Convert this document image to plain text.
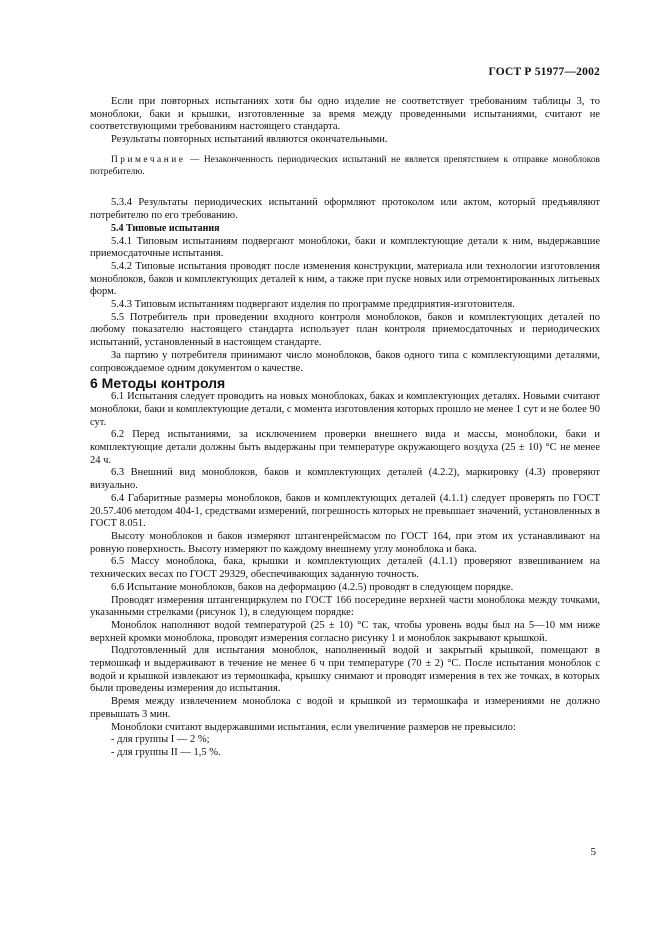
ГОСТ Р 51977—2002

Если при повторных испытаниях хотя бы одно изделие не соответствует требованиям таблицы 3, то моноблоки, баки и крышки, изготовленные за время между проведенными испытаниями, считают не соответствующими требованиям настоящего стандарта.

Результаты повторных испытаний являются окончательными.

Примечание — Незаконченность периодических испытаний не является препятствием к отправке моноблоков потребителю.

5.3.4 Результаты периодических испытаний оформляют протоколом или актом, который предъявляют потребителю по его требованию.

5.4 Типовые испытания

5.4.1 Типовым испытаниям подвергают моноблоки, баки и комплектующие детали к ним, выдержавшие приемосдаточные испытания.

5.4.2 Типовые испытания проводят после изменения конструкции, материала или технологии изготовления моноблоков, баков и комплектующих деталей к ним, а также при пуске новых или отремонтированных литьевых форм.

5.4.3 Типовым испытаниям подвергают изделия по программе предприятия-изготовителя.

5.5 Потребитель при проведении входного контроля моноблоков, баков и комплектующих деталей по любому показателю настоящего стандарта использует план контроля приемосдаточных и периодических испытаний, установленный в настоящем стандарте.

За партию у потребителя принимают число моноблоков, баков одного типа с комплектующими деталями, сопровождаемое одним документом о качестве.

6 Методы контроля

6.1 Испытания следует проводить на новых моноблоках, баках и комплектующих деталях. Новыми считают моноблоки, баки и комплектующие детали, с момента изготовления которых прошло не менее 1 сут и не более 90 сут.

6.2 Перед испытаниями, за исключением проверки внешнего вида и массы, моноблоки, баки и комплектующие детали должны быть выдержаны при температуре окружающего воздуха (25 ± 10) °С не менее 24 ч.

6.3 Внешний вид моноблоков, баков и комплектующих деталей (4.2.2), маркировку (4.3) проверяют визуально.

6.4 Габаритные размеры моноблоков, баков и комплектующих деталей (4.1.1) следует проверять по ГОСТ 20.57.406 методом 404-1, средствами измерений, погрешность которых не превышает значений, установленных в ГОСТ 8.051.

Высоту моноблоков и баков измеряют штангенрейсмасом по ГОСТ 164, при этом их устанавливают на ровную поверхность. Высоту измеряют по каждому внешнему углу моноблока и бака.

6.5 Массу моноблока, бака, крышки и комплектующих деталей (4.1.1) проверяют взвешиванием на технических весах по ГОСТ 29329, обеспечивающих заданную точность.

6.6 Испытание моноблоков, баков на деформацию (4.2.5) проводят в следующем порядке.

Проводят измерения штангенциркулем по ГОСТ 166 посередине верхней части моноблока между точками, указанными стрелками (рисунок 1), в следующем порядке:

Моноблок наполняют водой температурой (25 ± 10) °С так, чтобы уровень воды был на 5—10 мм ниже верхней кромки моноблока, проводят измерения согласно рисунку 1 и моноблок закрывают крышкой.

Подготовленный для испытания моноблок, наполненный водой и закрытый крышкой, помещают в термошкаф и выдерживают в течение не менее 6 ч при температуре (70 ± 2) °С. После испытания моноблок с водой и крышкой извлекают из термошкафа, крышку снимают и проводят измерения в тех же точках, в которых были проведены измерения до испытания.

Время между извлечением моноблока с водой и крышкой из термошкафа и измерениями не должно превышать 3 мин.

Моноблоки считают выдержавшими испытания, если увеличение размеров не превысило:

- для группы I — 2 %;

- для группы II — 1,5 %.

5
